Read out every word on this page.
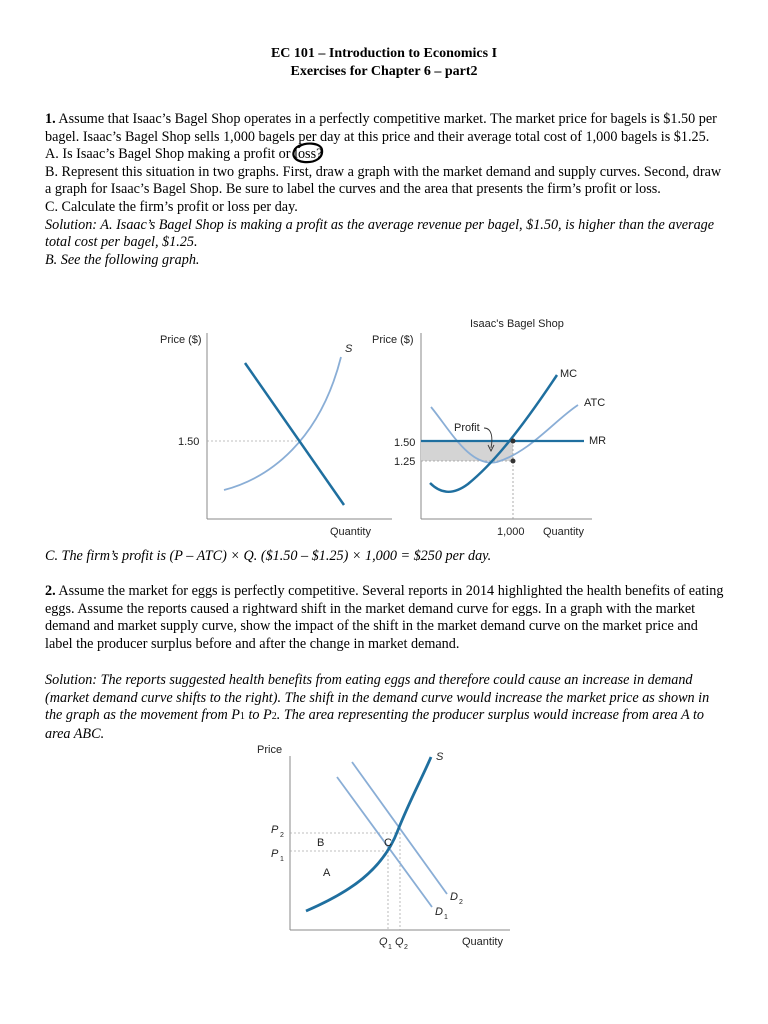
EC 101 – Introduction to Economics I
Exercises for Chapter 6 – part2

1. Assume that Isaac’s Bagel Shop operates in a perfectly competitive market. The market price for bagels is $1.50 per bagel. Isaac’s Bagel Shop sells 1,000 bagels per day at this price and their average total cost of 1,000 bagels is $1.25.

A. Is Isaac’s Bagel Shop making a profit or loss
?

B. Represent this situation in two graphs. First, draw a graph with the market demand and supply curves. Second, draw a graph for Isaac’s Bagel Shop. Be sure to label the curves and the area that presents the firm’s profit or loss.

C. Calculate the firm’s profit or loss per day.

Solution: A. Isaac’s Bagel Shop is making a profit as the average revenue per bagel, $1.50, is higher than the average total cost per bagel, $1.25.

B. See the following graph.

Price ($)
Quantity
1.50
S
Isaac's Bagel Shop
Price ($)
Quantity
1,000
1.50
1.25
MC
ATC
MR
Profit
C. The firm’s profit is (P – ATC) × Q. ($1.50 – $1.25) × 1,000 = $250 per day.

2. Assume the market for eggs is perfectly competitive. Several reports in 2014 highlighted the health benefits of eating eggs. Assume the reports caused a rightward shift in the market demand curve for eggs. In a graph with the market demand and market supply curve, show the impact of the shift in the market demand curve on the market price and label the producer surplus before and after the change in market demand.

Solution: The reports suggested health benefits from eating eggs and therefore could cause an increase in demand (market demand curve shifts to the right). The shift in the demand curve would increase the market price as shown in the graph as the movement from P1 to P2. The area representing the producer surplus would increase from area A to area ABC.

Price
Quantity
S
P 2
P 1
B
A
C
D 2
D 1
Q 1 Q 2
